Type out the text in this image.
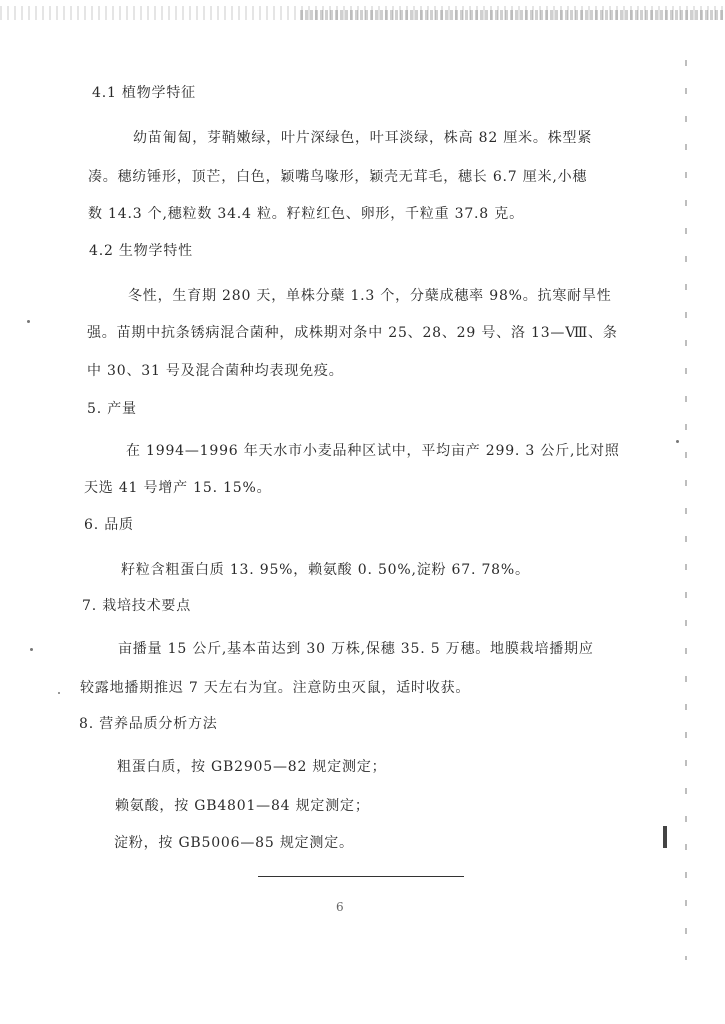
4.1 植物学特征
幼苗匍匐，芽鞘嫩绿，叶片深绿色，叶耳淡绿，株高 82 厘米。株型紧
凑。穗纺锤形，顶芒，白色，颖嘴鸟喙形，颖壳无茸毛，穗长 6.7 厘米,小穗
数 14.3 个,穗粒数 34.4 粒。籽粒红色、卵形，千粒重 37.8 克。
4.2 生物学特性
冬性，生育期 280 天，单株分蘖 1.3 个，分蘖成穗率 98%。抗寒耐旱性
强。苗期中抗条锈病混合菌种，成株期对条中 25、28、29 号、洛 13—Ⅷ、条
中 30、31 号及混合菌种均表现免疫。
5. 产量
在 1994—1996 年天水市小麦品种区试中，平均亩产 299. 3 公斤,比对照
天选 41 号增产 15. 15%。
6. 品质
籽粒含粗蛋白质 13. 95%，赖氨酸 0. 50%,淀粉 67. 78%。
7. 栽培技术要点
亩播量 15 公斤,基本苗达到 30 万株,保穗 35. 5 万穗。地膜栽培播期应
较露地播期推迟 7 天左右为宜。注意防虫灭鼠，适时收获。
8. 营养品质分析方法
粗蛋白质，按 GB2905—82 规定测定；
赖氨酸，按 GB4801—84 规定测定；
淀粉，按 GB5006—85 规定测定。
6
